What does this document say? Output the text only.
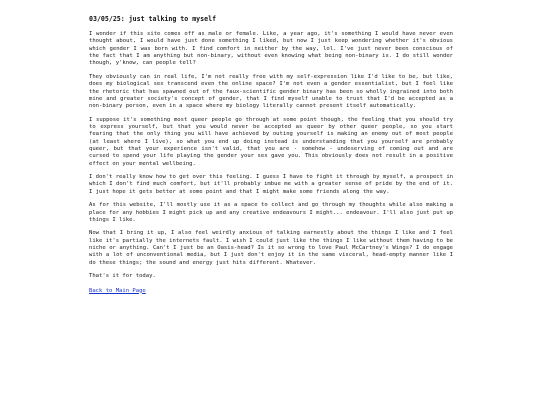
03/05/25: just talking to myself

I wonder if this site comes off as male or female. Like, a year ago, it's something I would have never even thought about, I would have just done something I liked, but now I just keep wondering whether it's obvious which gender I was born with. I find comfort in neither by the way, lol. I've just never been conscious of the fact that I am anything but non-binary, without even knowing what being non-binary is. I do still wonder though, y'know, can people tell?

They obviously can in real life, I'm not really free with my self-expression like I'd like to be, but like, does my biological sex transcend even the online space? I'm not even a gender essentialist, but I feel like the rhetoric that has spawned out of the faux-scientific gender binary has been so wholly ingrained into both mine and greater society's concept of gender, that I find myself unable to trust that I'd be accepted as a non-binary person, even in a space where my biology literally cannot present itself automatically.

I suppose it's something most queer people go through at some point though, the feeling that you should try to express yourself, but that you would never be accepted as queer by other queer people, so you start fearing that the only thing you will have achieved by outing yourself is making an enemy out of most people (at least where I live), so what you end up doing instead is understanding that you yourself are probably queer, but that your experience isn't valid, that you are - somehow - undeserving of coming out and are cursed to spend your life playing the gender your sex gave you. This obviously does not result in a positive effect on your mental wellbeing.

I don't really know how to get over this feeling. I guess I have to fight it through by myself, a prospect in which I don't find much comfort, but it'll probably imbue me with a greater sense of pride by the end of it. I just hope it gets better at some point and that I might make some friends along the way.

As for this website, I'll mostly use it as a space to collect and go through my thoughts while also making a place for any hobbies I might pick up and any creative endeavours I might... endeavour. I'll also just put up things I like.

Now that I bring it up, I also feel weirdly anxious of talking earnestly about the things I like and I feel like it's partially the internets fault. I wish I could just like the things I like without them having to be niche or anything. Can't I just be an Oasis-head? Is it so wrong to love Paul McCartney's Wings? I do engage with a lot of unconventional media, but I just don't enjoy it in the same visceral, head-empty manner like I do these things; the sound and energy just hits different. Whatever.

That's it for today.

Back to Main Page
